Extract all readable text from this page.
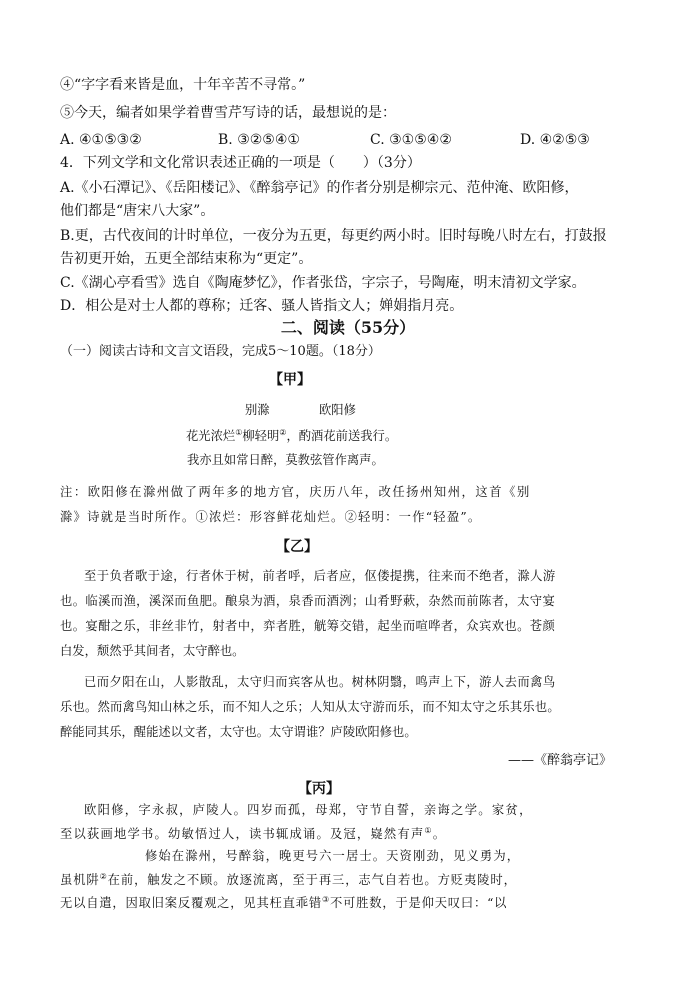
④“字字看来皆是血，十年辛苦不寻常。”
⑤今天，编者如果学着曹雪芹写诗的话，最想说的是：
A. ④①⑤③②	B. ③②⑤④①	C. ③①⑤④②	D. ④②⑤③
4．下列文学和文化常识表述正确的一项是（　　）（3分）
A.《小石潭记》、《岳阳楼记》、《醉翁亭记》的作者分别是柳宗元、范仲淹、欧阳修，
他们都是“唐宋八大家”。
B.更，古代夜间的计时单位，一夜分为五更，每更约两小时。旧时每晚八时左右，打鼓报
告初更开始，五更全部结束称为“更定”。
C.《湖心亭看雪》选自《陶庵梦忆》，作者张岱，字宗子，号陶庵，明末清初文学家。
D．相公是对士人都的尊称；迁客、骚人皆指文人；婵娟指月亮。
二、阅读（55分）
（一）阅读古诗和文言文语段，完成5～10题。（18分）
【甲】
别滁	欧阳修
花光浓烂①柳轻明②，酌酒花前送我行。
我亦且如常日醉，莫教弦管作离声。
注：欧阳修在滁州做了两年多的地方官，庆历八年，改任扬州知州，这首《别
滁》诗就是当时所作。①浓烂：形容鲜花灿烂。②轻明：一作“轻盈”。
【乙】
至于负者歌于途，行者休于树，前者呼，后者应，伛偻提携，往来而不绝者，滁人游
也。临溪而渔，溪深而鱼肥。酿泉为酒，泉香而酒洌；山肴野蔌，杂然而前陈者，太守宴
也。宴酣之乐，非丝非竹，射者中，弈者胜，觥筹交错，起坐而喧哗者，众宾欢也。苍颜
白发，颓然乎其间者，太守醉也。
已而夕阳在山，人影散乱，太守归而宾客从也。树林阴翳，鸣声上下，游人去而禽鸟
乐也。然而禽鸟知山林之乐，而不知人之乐；人知从太守游而乐，而不知太守之乐其乐也。
醉能同其乐，醒能述以文者，太守也。太守谓谁？庐陵欧阳修也。
——《醉翁亭记》
【丙】
欧阳修，字永叔，庐陵人。四岁而孤，母郑，守节自誓，亲诲之学。家贫，
至以荻画地学书。幼敏悟过人，读书辄成诵。及冠，嶷然有声①。
修始在滁州，号醉翁，晚更号六一居士。天资刚劲，见义勇为，
虽机阱②在前，触发之不顾。放逐流离，至于再三，志气自若也。方贬夷陵时，
无以自遣，因取旧案反覆观之，见其枉直乖错③不可胜数，于是仰天叹曰：“以
